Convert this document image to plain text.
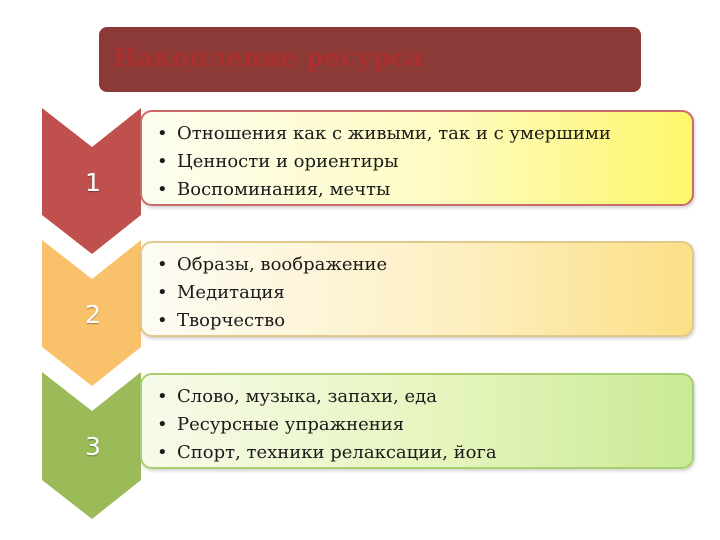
Накопление ресурса
1
2
3
• Отношения как с живыми, так и с умершими
• Ценности и ориентиры
• Воспоминания, мечты
• Образы, воображение
• Медитация
• Творчество
• Слово, музыка, запахи, еда
• Ресурсные упражнения
• Спорт, техники релаксации, йога
